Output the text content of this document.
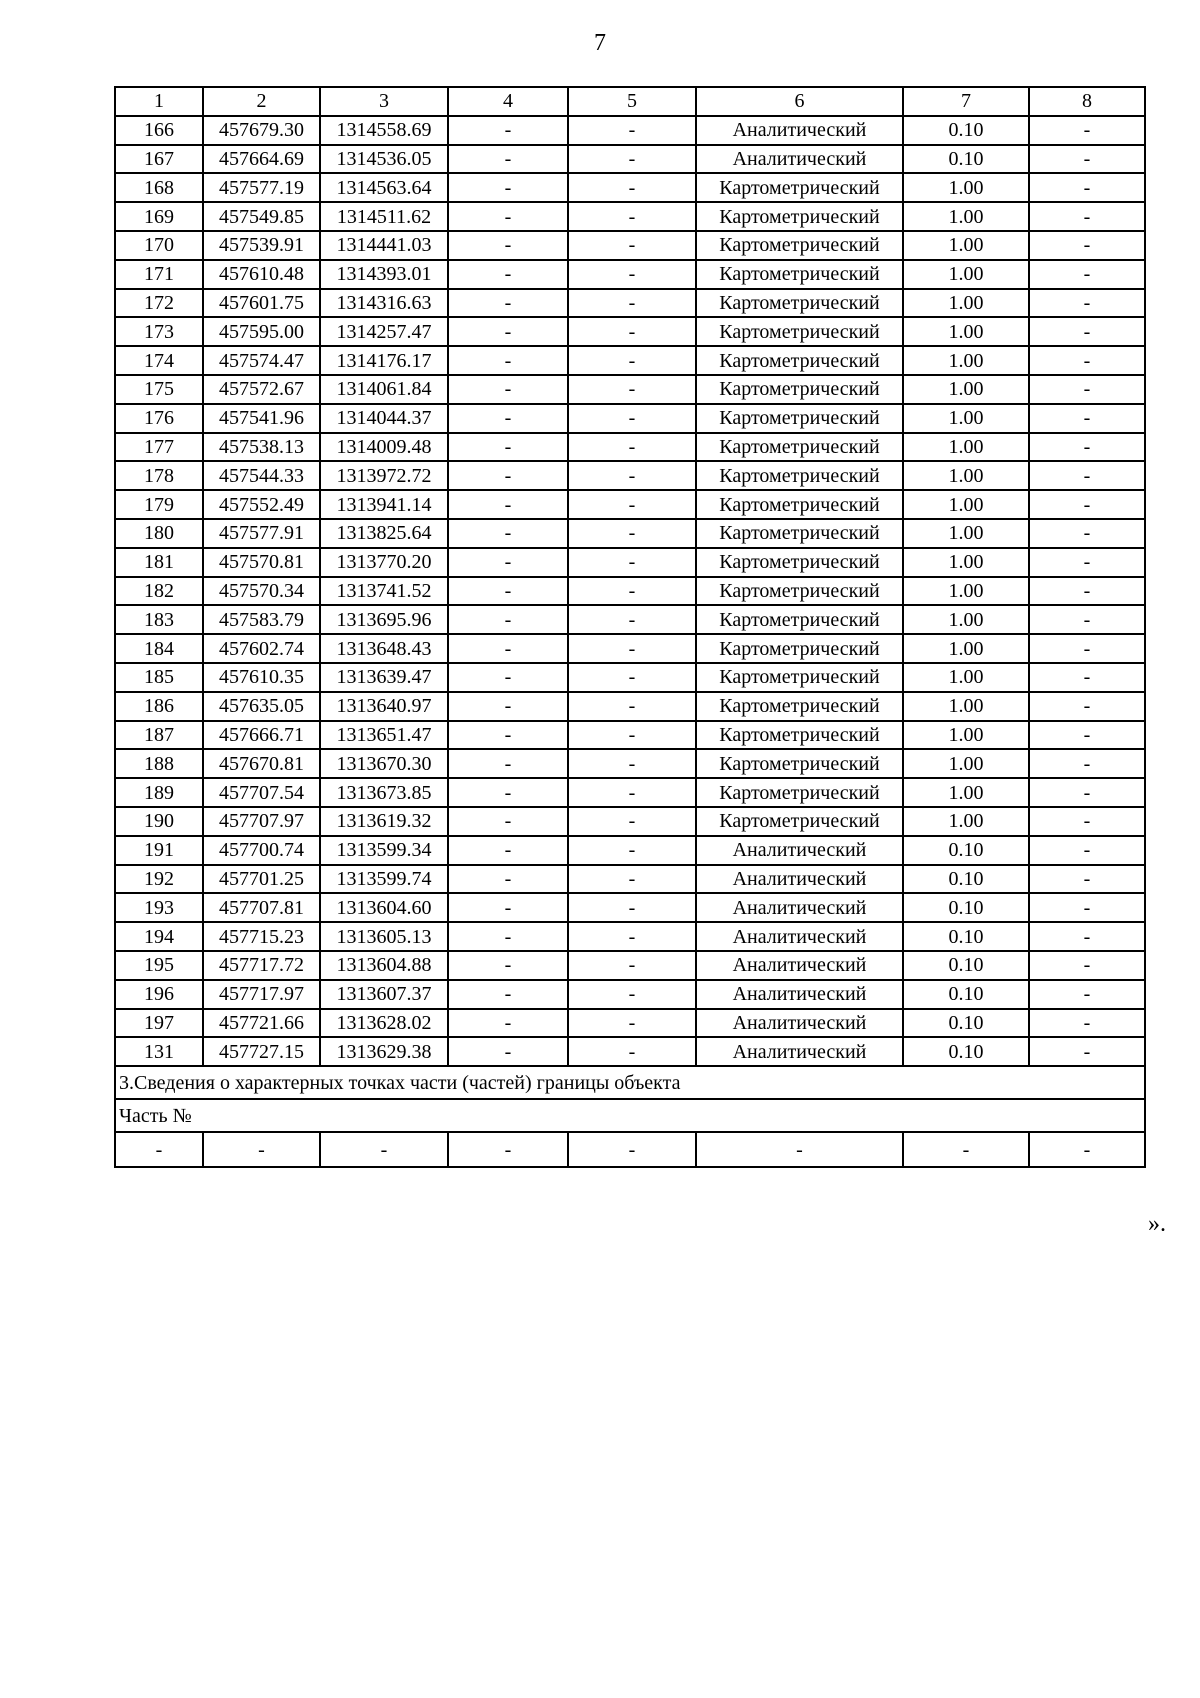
7
1	2	3	4	5	6	7	8
166	457679.30	1314558.69	-	-	Аналитический	0.10	-
167	457664.69	1314536.05	-	-	Аналитический	0.10	-
168	457577.19	1314563.64	-	-	Картометрический	1.00	-
169	457549.85	1314511.62	-	-	Картометрический	1.00	-
170	457539.91	1314441.03	-	-	Картометрический	1.00	-
171	457610.48	1314393.01	-	-	Картометрический	1.00	-
172	457601.75	1314316.63	-	-	Картометрический	1.00	-
173	457595.00	1314257.47	-	-	Картометрический	1.00	-
174	457574.47	1314176.17	-	-	Картометрический	1.00	-
175	457572.67	1314061.84	-	-	Картометрический	1.00	-
176	457541.96	1314044.37	-	-	Картометрический	1.00	-
177	457538.13	1314009.48	-	-	Картометрический	1.00	-
178	457544.33	1313972.72	-	-	Картометрический	1.00	-
179	457552.49	1313941.14	-	-	Картометрический	1.00	-
180	457577.91	1313825.64	-	-	Картометрический	1.00	-
181	457570.81	1313770.20	-	-	Картометрический	1.00	-
182	457570.34	1313741.52	-	-	Картометрический	1.00	-
183	457583.79	1313695.96	-	-	Картометрический	1.00	-
184	457602.74	1313648.43	-	-	Картометрический	1.00	-
185	457610.35	1313639.47	-	-	Картометрический	1.00	-
186	457635.05	1313640.97	-	-	Картометрический	1.00	-
187	457666.71	1313651.47	-	-	Картометрический	1.00	-
188	457670.81	1313670.30	-	-	Картометрический	1.00	-
189	457707.54	1313673.85	-	-	Картометрический	1.00	-
190	457707.97	1313619.32	-	-	Картометрический	1.00	-
191	457700.74	1313599.34	-	-	Аналитический	0.10	-
192	457701.25	1313599.74	-	-	Аналитический	0.10	-
193	457707.81	1313604.60	-	-	Аналитический	0.10	-
194	457715.23	1313605.13	-	-	Аналитический	0.10	-
195	457717.72	1313604.88	-	-	Аналитический	0.10	-
196	457717.97	1313607.37	-	-	Аналитический	0.10	-
197	457721.66	1313628.02	-	-	Аналитический	0.10	-
131	457727.15	1313629.38	-	-	Аналитический	0.10	-
3.Сведения о характерных точках части (частей) границы объекта							
Часть №							
-	-	-	-	-	-	-	-
».
